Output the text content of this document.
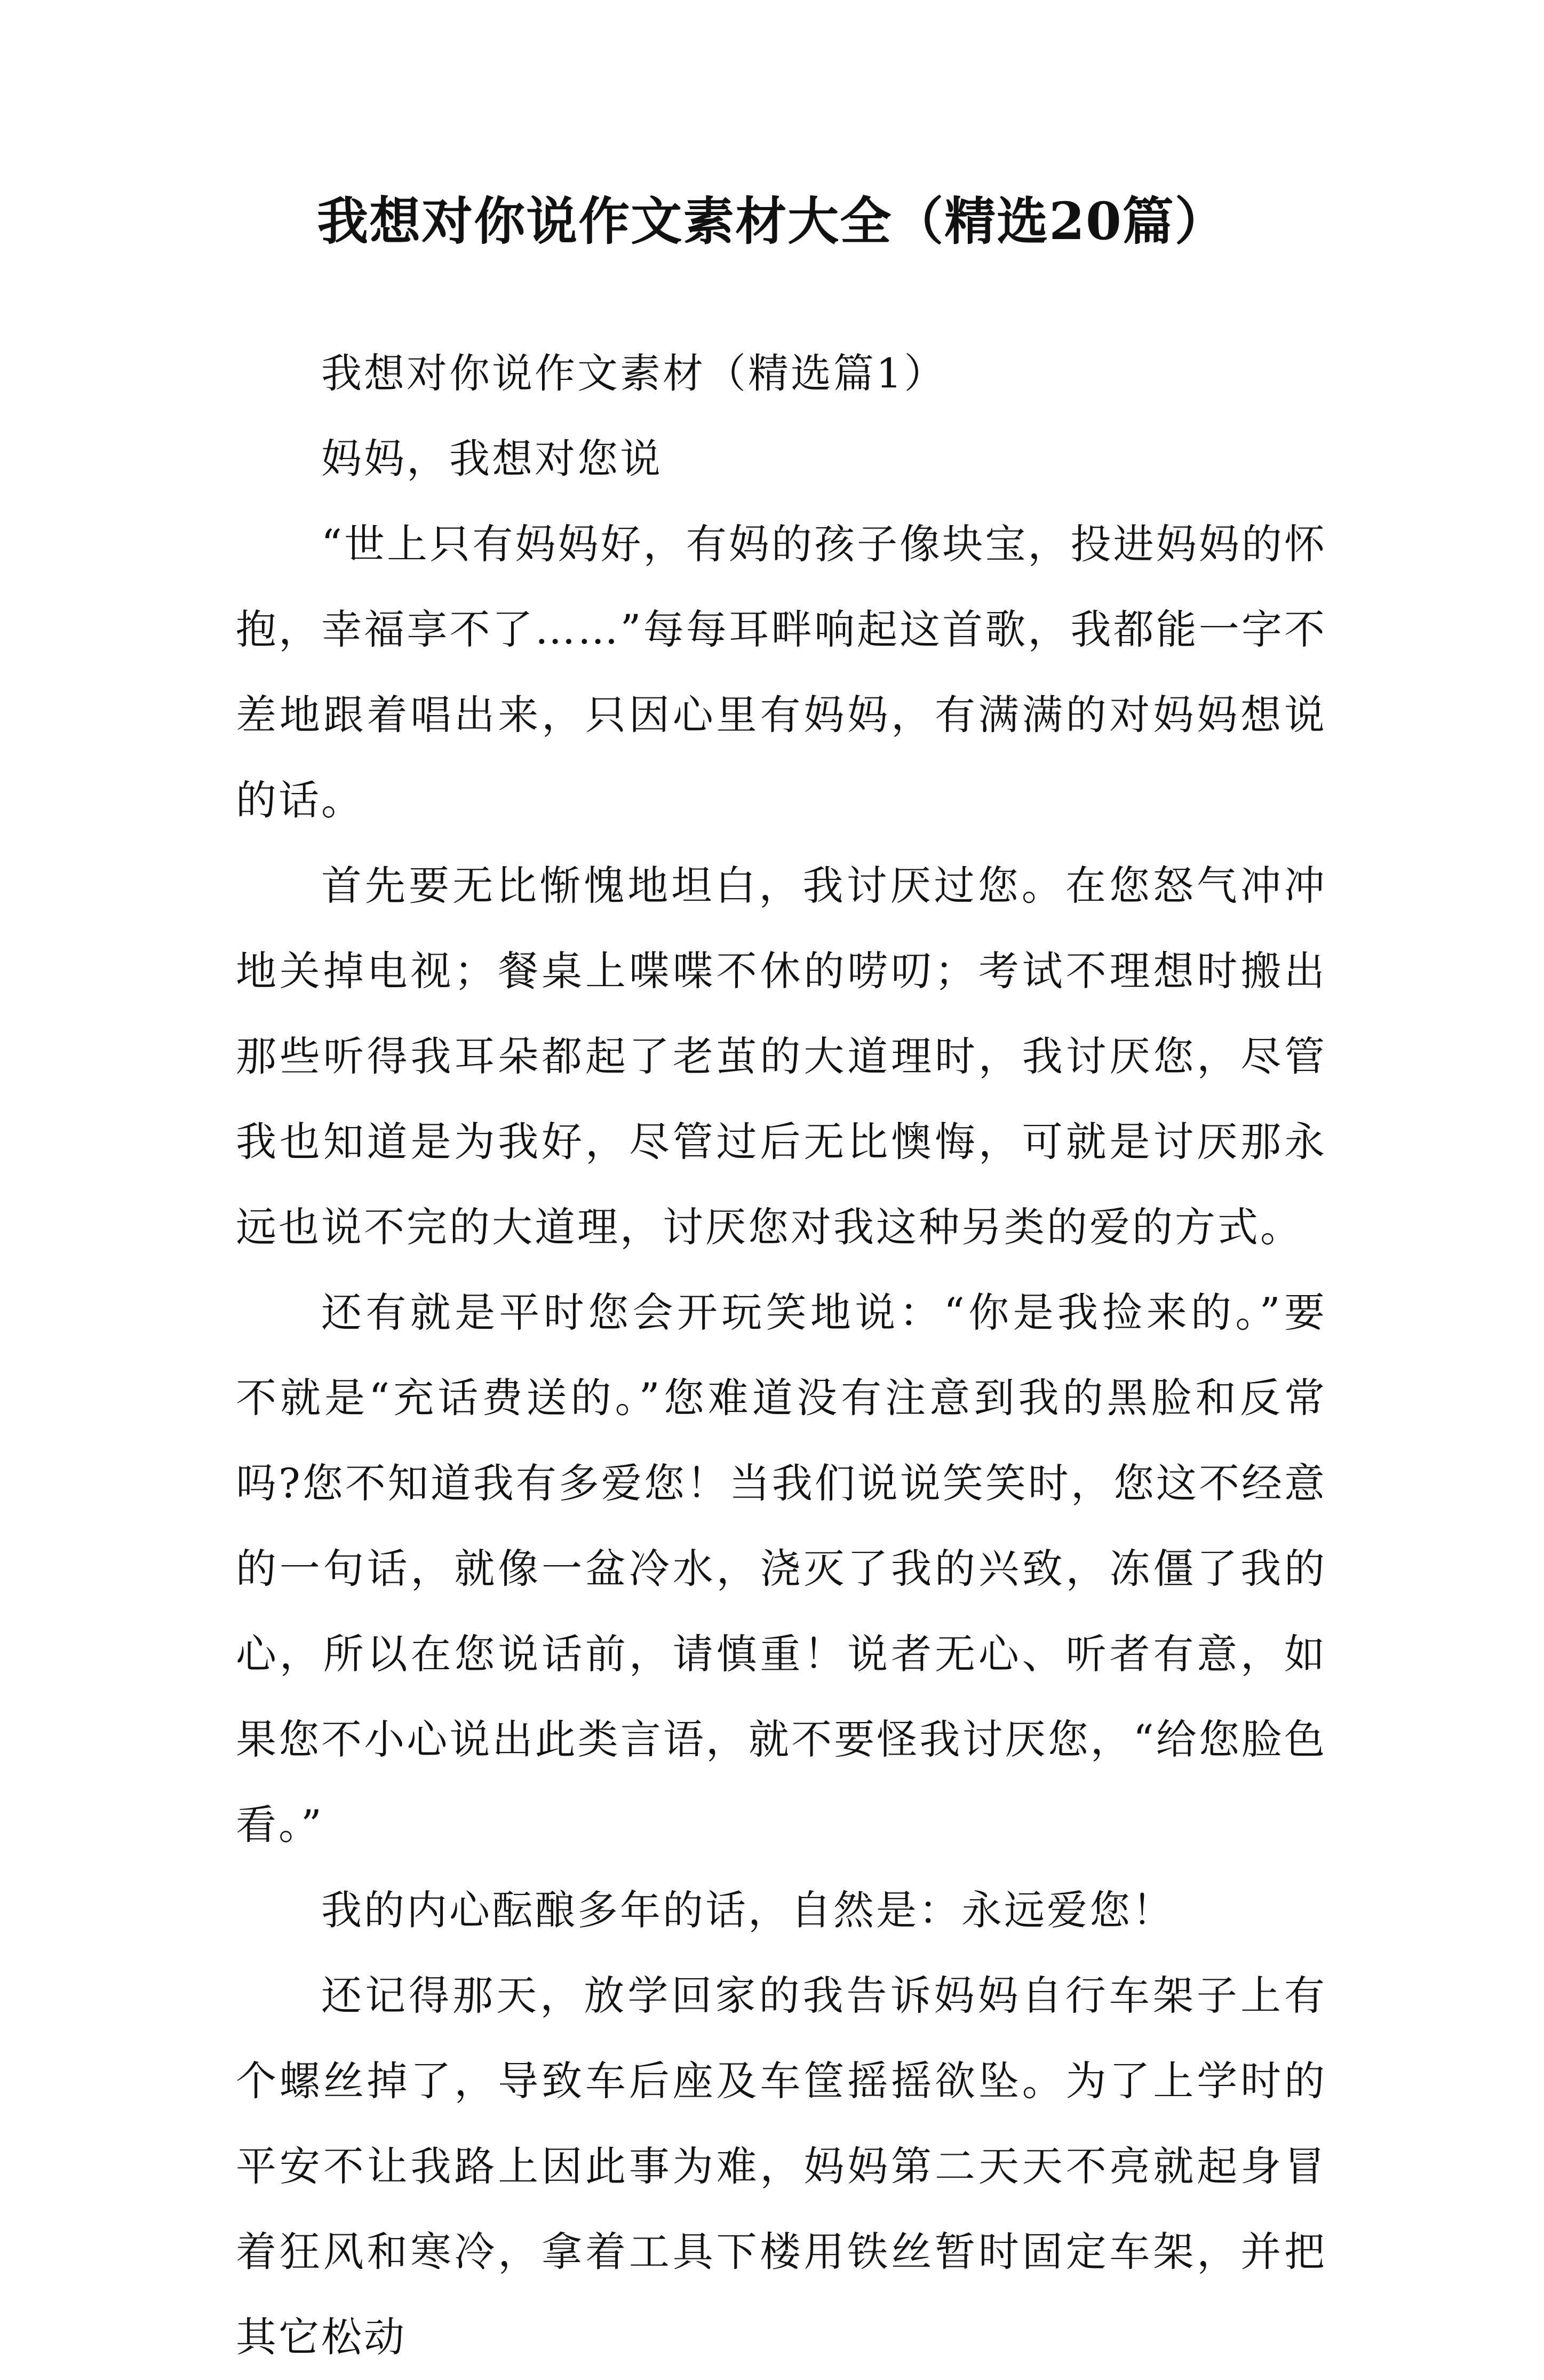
我想对你说作文素材大全（精选20篇）

我想对你说作文素材（精选篇1）

妈妈，我想对您说

“世上只有妈妈好，有妈的孩子像块宝，投进妈妈的怀抱，幸福享不了……”每每耳畔响起这首歌，我都能一字不差地跟着唱出来，只因心里有妈妈，有满满的对妈妈想说的话。

首先要无比惭愧地坦白，我讨厌过您。在您怒气冲冲地关掉电视；餐桌上喋喋不休的唠叨；考试不理想时搬出那些听得我耳朵都起了老茧的大道理时，我讨厌您，尽管我也知道是为我好，尽管过后无比懊悔，可就是讨厌那永远也说不完的大道理，讨厌您对我这种另类的爱的方式。

还有就是平时您会开玩笑地说：“你是我捡来的。”要不就是“充话费送的。”您难道没有注意到我的黑脸和反常吗?您不知道我有多爱您！当我们说说笑笑时，您这不经意的一句话，就像一盆冷水，浇灭了我的兴致，冻僵了我的心，所以在您说话前，请慎重！说者无心、听者有意，如果您不小心说出此类言语，就不要怪我讨厌您，“给您脸色看。”

我的内心酝酿多年的话，自然是：永远爱您！

还记得那天，放学回家的我告诉妈妈自行车架子上有个螺丝掉了，导致车后座及车筐摇摇欲坠。为了上学时的平安不让我路上因此事为难，妈妈第二天天不亮就起身冒着狂风和寒冷，拿着工具下楼用铁丝暂时固定车架，并把其它松动
